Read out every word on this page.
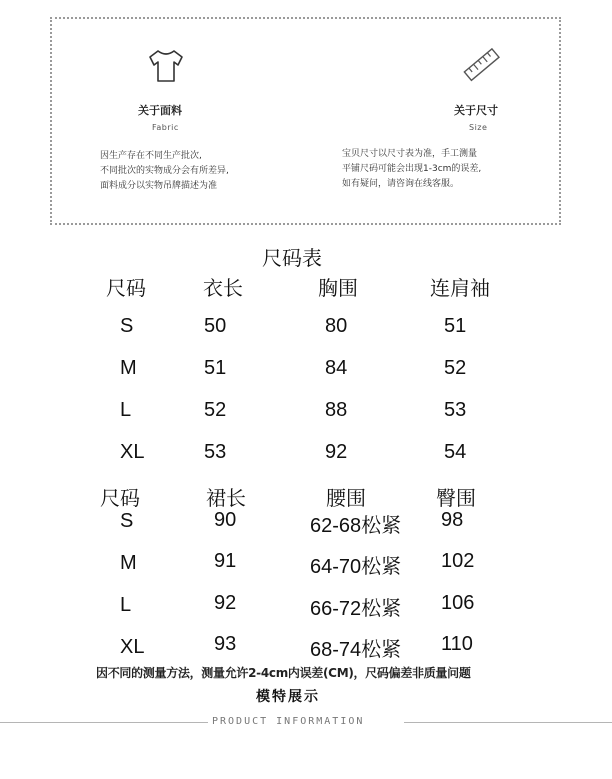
关于面料
Fabric
因生产存在不同生产批次,
不同批次的实物成分会有所差异,
面料成分以实物吊牌描述为准
关于尺寸
Size
宝贝尺寸以尺寸表为准，手工测量
平铺尺码可能会出现1-3cm的误差,
如有疑问，请咨询在线客服。
尺码表
尺码	衣长	胸围	连肩袖
S	50	80	51
M	51	84	52
L	52	88	53
XL	53	92	54
尺码	裙长	腰围	臀围
S	90	62-68松紧 98
M	91	64-70松紧 102
L	92	66-72松紧 106
XL	93	68-74松紧 110
因不同的测量方法，测量允许2-4cm内误差(CM)，尺码偏差非质量问题
模特展示
PRODUCT INFORMATION
